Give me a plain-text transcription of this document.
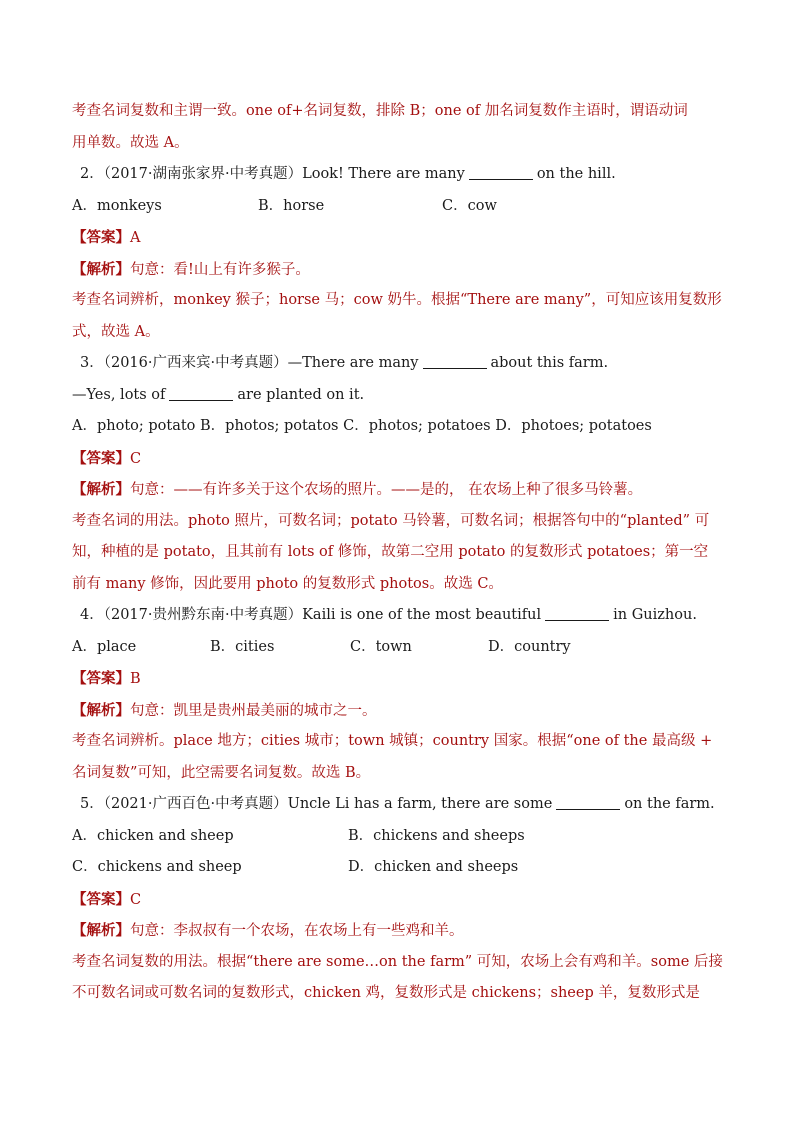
考查名词复数和主谓一致。one of+名词复数，排除 B；one of 加名词复数作主语时，谓语动词
用单数。故选 A。
2．（2017·湖南张家界·中考真题）Look! There are many	on the hill.
A．monkeys	B．horse	C．cow
【答案】A
【解析】句意：看!山上有许多猴子。
考查名词辨析，monkey 猴子；horse 马；cow 奶牛。根据“There are many”，可知应该用复数形
式，故选 A。
3．（2016·广西来宾·中考真题）—There are many	about this farm.
—Yes, lots of	are planted on it.
A．photo; potato B．photos; potatos C．photos; potatoes D．photoes; potatoes
【答案】C
【解析】句意：——有许多关于这个农场的照片。——是的， 在农场上种了很多马铃薯。
考查名词的用法。photo 照片，可数名词；potato 马铃薯，可数名词；根据答句中的“planted” 可
知，种植的是 potato，且其前有 lots of 修饰，故第二空用 potato 的复数形式 potatoes；第一空
前有 many 修饰，因此要用 photo 的复数形式 photos。故选 C。
4．（2017·贵州黔东南·中考真题）Kaili is one of the most beautiful	in Guizhou.
A．place	B．cities	C．town	D．country
【答案】B
【解析】句意：凯里是贵州最美丽的城市之一。
考查名词辨析。place 地方；cities 城市；town 城镇；country 国家。根据“one of the 最高级 +
名词复数”可知，此空需要名词复数。故选 B。
5．（2021·广西百色·中考真题）Uncle Li has a farm, there are some	on the farm.
A．chicken and sheep	B．chickens and sheeps
C．chickens and sheep	D．chicken and sheeps
【答案】C
【解析】句意：李叔叔有一个农场，在农场上有一些鸡和羊。
考查名词复数的用法。根据“there are some…on the farm” 可知，农场上会有鸡和羊。some 后接
不可数名词或可数名词的复数形式，chicken 鸡，复数形式是 chickens；sheep 羊，复数形式是
